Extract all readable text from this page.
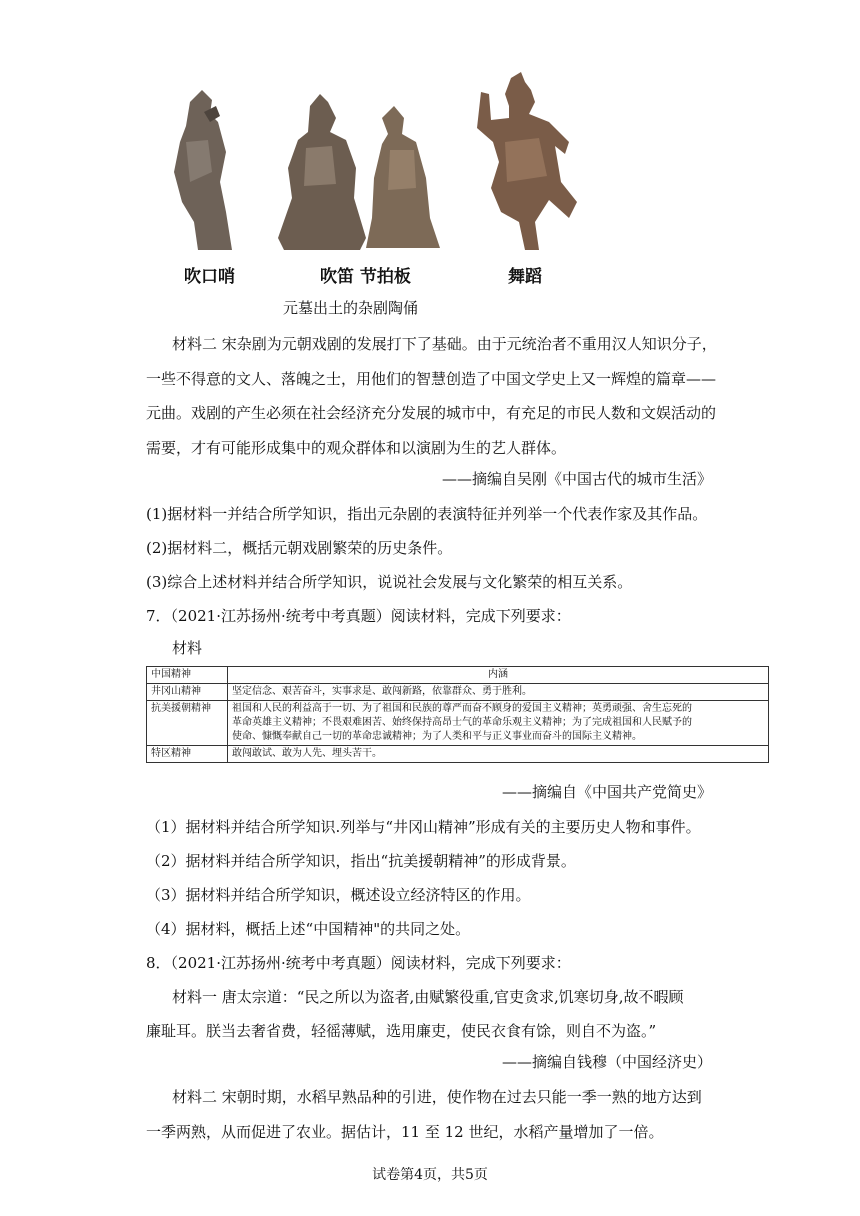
吹口哨	吹笛 节拍板	舞蹈
元墓出土的杂剧陶俑
材料二 宋杂剧为元朝戏剧的发展打下了基础。由于元统治者不重用汉人知识分子，
一些不得意的文人、落魄之士，用他们的智慧创造了中国文学史上又一辉煌的篇章——
元曲。戏剧的产生必须在社会经济充分发展的城市中，有充足的市民人数和文娱活动的
需要，才有可能形成集中的观众群体和以演剧为生的艺人群体。
——摘编自吴刚《中国古代的城市生活》
(1)据材料一并结合所学知识，指出元杂剧的表演特征并列举一个代表作家及其作品。
(2)据材料二，概括元朝戏剧繁荣的历史条件。
(3)综合上述材料并结合所学知识，说说社会发展与文化繁荣的相互关系。
7．（2021·江苏扬州·统考中考真题）阅读材料，完成下列要求：
材料
中国精神	内涵
井冈山精神	坚定信念、艰苦奋斗，实事求是、敢闯新路，依靠群众、勇于胜利。
抗美援朝精神	祖国和人民的利益高于一切、为了祖国和民族的尊严而奋不顾身的爱国主义精神；英勇顽强、舍生忘死的
革命英雄主义精神；不畏艰难困苦、始终保持高昂士气的革命乐观主义精神；为了完成祖国和人民赋予的
使命、慷慨奉献自己一切的革命忠诚精神；为了人类和平与正义事业而奋斗的国际主义精神。

特区精神	敢闯敢试、敢为人先、埋头苦干。
——摘编自《中国共产党简史》
（1）据材料并结合所学知识.列举与“井冈山精神”形成有关的主要历史人物和事件。
（2）据材料并结合所学知识，指出“抗美援朝精神”的形成背景。
（3）据材料并结合所学知识，概述设立经济特区的作用。
（4）据材料，概括上述“中国精神"的共同之处。
8．（2021·江苏扬州·统考中考真题）阅读材料，完成下列要求：
材料一 唐太宗道：“民之所以为盗者,由赋繁役重,官吏贪求,饥寒切身,故不暇顾
廉耻耳。朕当去奢省费，轻徭薄赋，选用廉吏，使民衣食有馀，则自不为盗。”
——摘编自钱穆（中国经济史）
材料二 宋朝时期，水稻早熟品种的引进，使作物在过去只能一季一熟的地方达到
一季两熟，从而促进了农业。据估计，11 至 12 世纪，水稻产量增加了一倍。
试卷第4页，共5页
